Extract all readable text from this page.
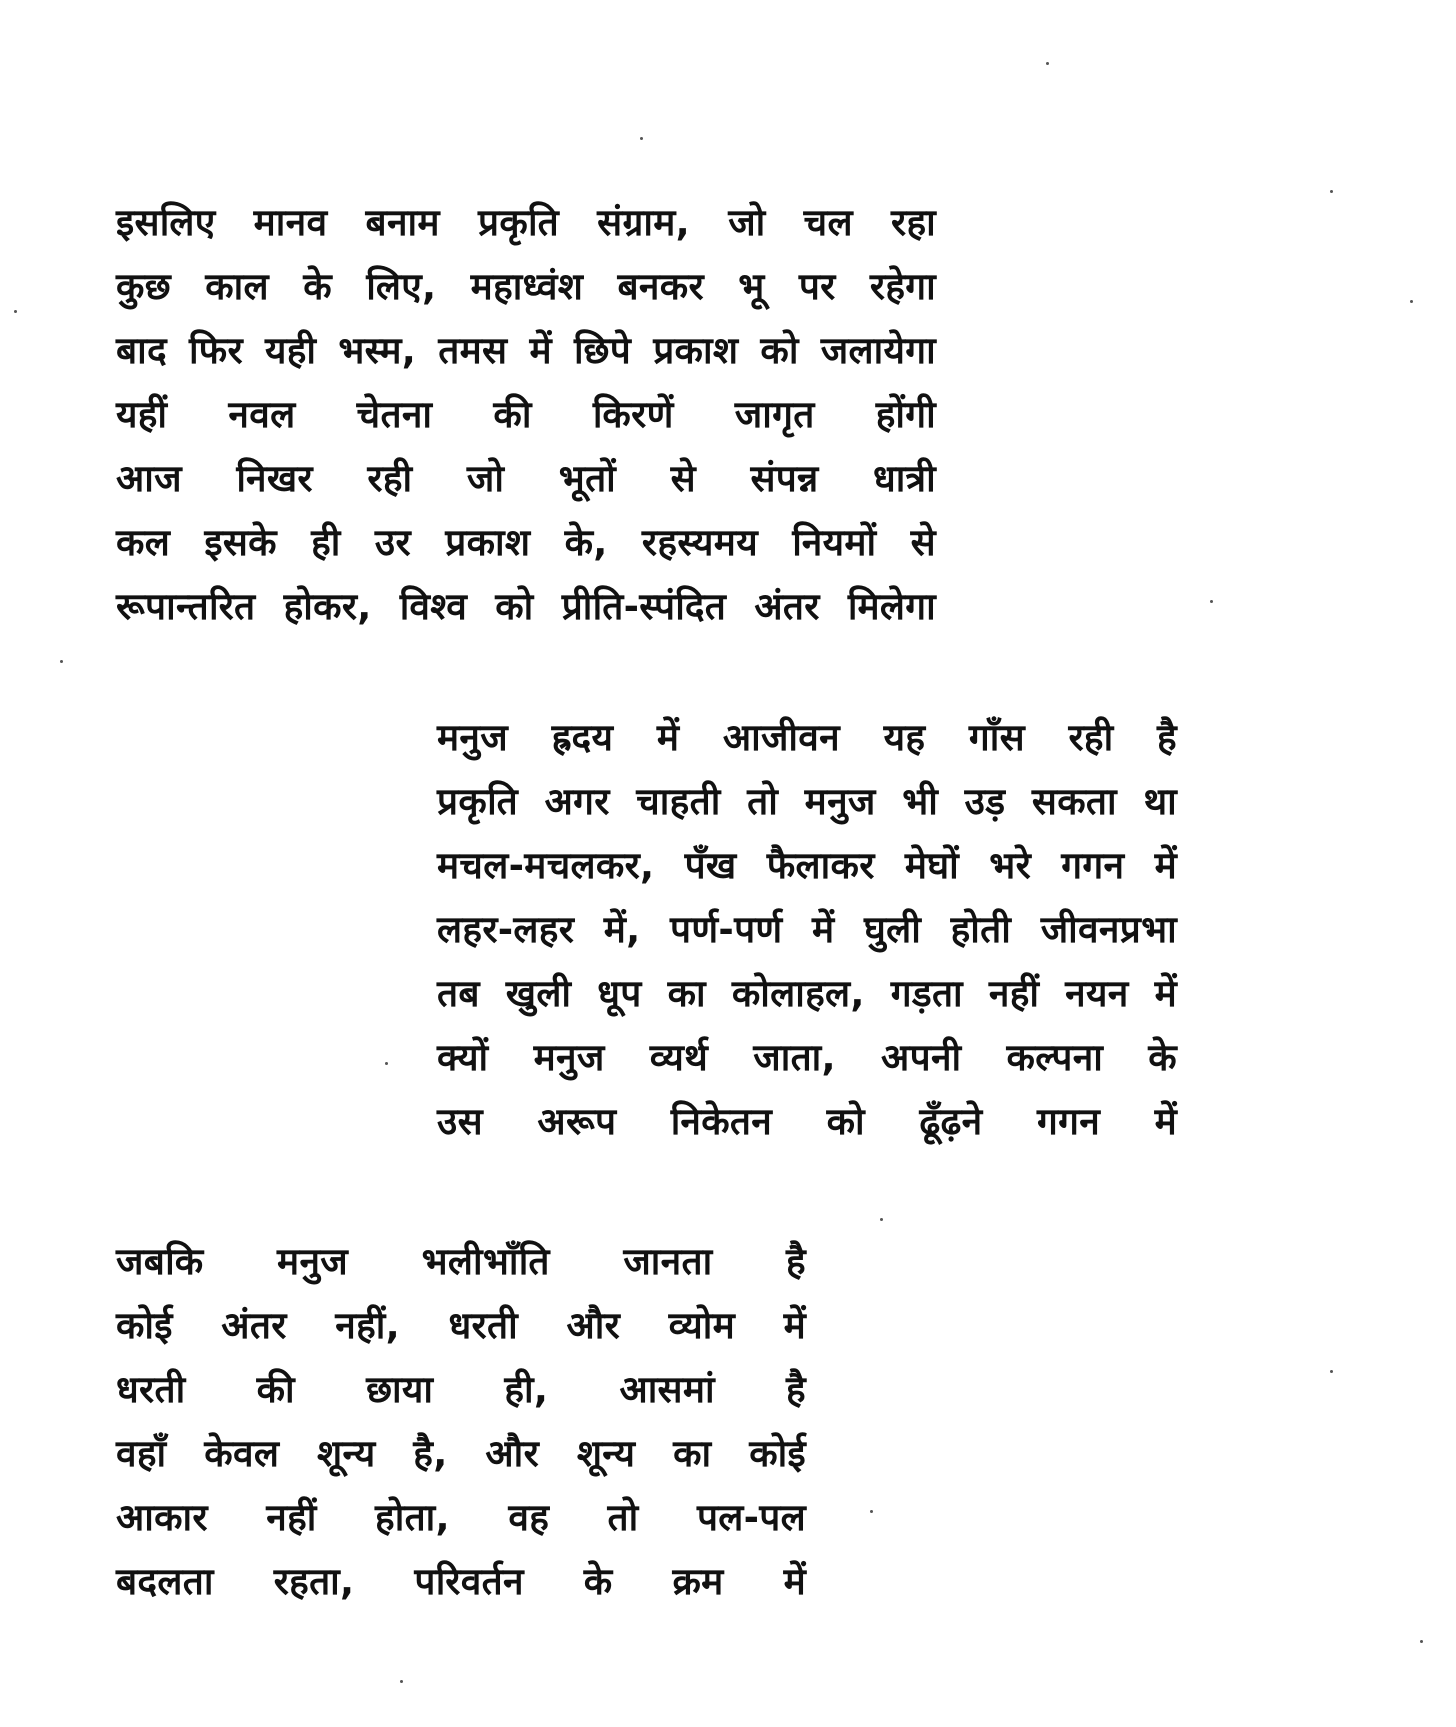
इसलिए मानव बनाम प्रकृति संग्राम, जो चल रहा
कुछ काल के लिए, महाध्वंश बनकर भू पर रहेगा
बाद फिर यही भस्म, तमस में छिपे प्रकाश को जलायेगा
यहीं नवल चेतना की किरणें जागृत होंगी
आज निखर रही जो भूतों से संपन्न धात्री
कल इसके ही उर प्रकाश के, रहस्यमय नियमों से
रूपान्तरित होकर, विश्व को प्रीति-स्पंदित अंतर मिलेगा
मनुज ह्रदय में आजीवन यह गाँस रही है
प्रकृति अगर चाहती तो मनुज भी उड़ सकता था
मचल-मचलकर, पँख फैलाकर मेघों भरे गगन में
लहर-लहर में, पर्ण-पर्ण में घुली होती जीवनप्रभा
तब खुली धूप का कोलाहल, गड़ता नहीं नयन में
क्यों मनुज व्यर्थ जाता, अपनी कल्पना के
उस अरूप निकेतन को ढूँढ़ने गगन में
जबकि मनुज भलीभाँति जानता है
कोई अंतर नहीं, धरती और व्योम में
धरती की छाया ही, आसमां है
वहाँ केवल शून्य है, और शून्य का कोई
आकार नहीं होता, वह तो पल-पल
बदलता रहता, परिवर्तन के क्रम में
